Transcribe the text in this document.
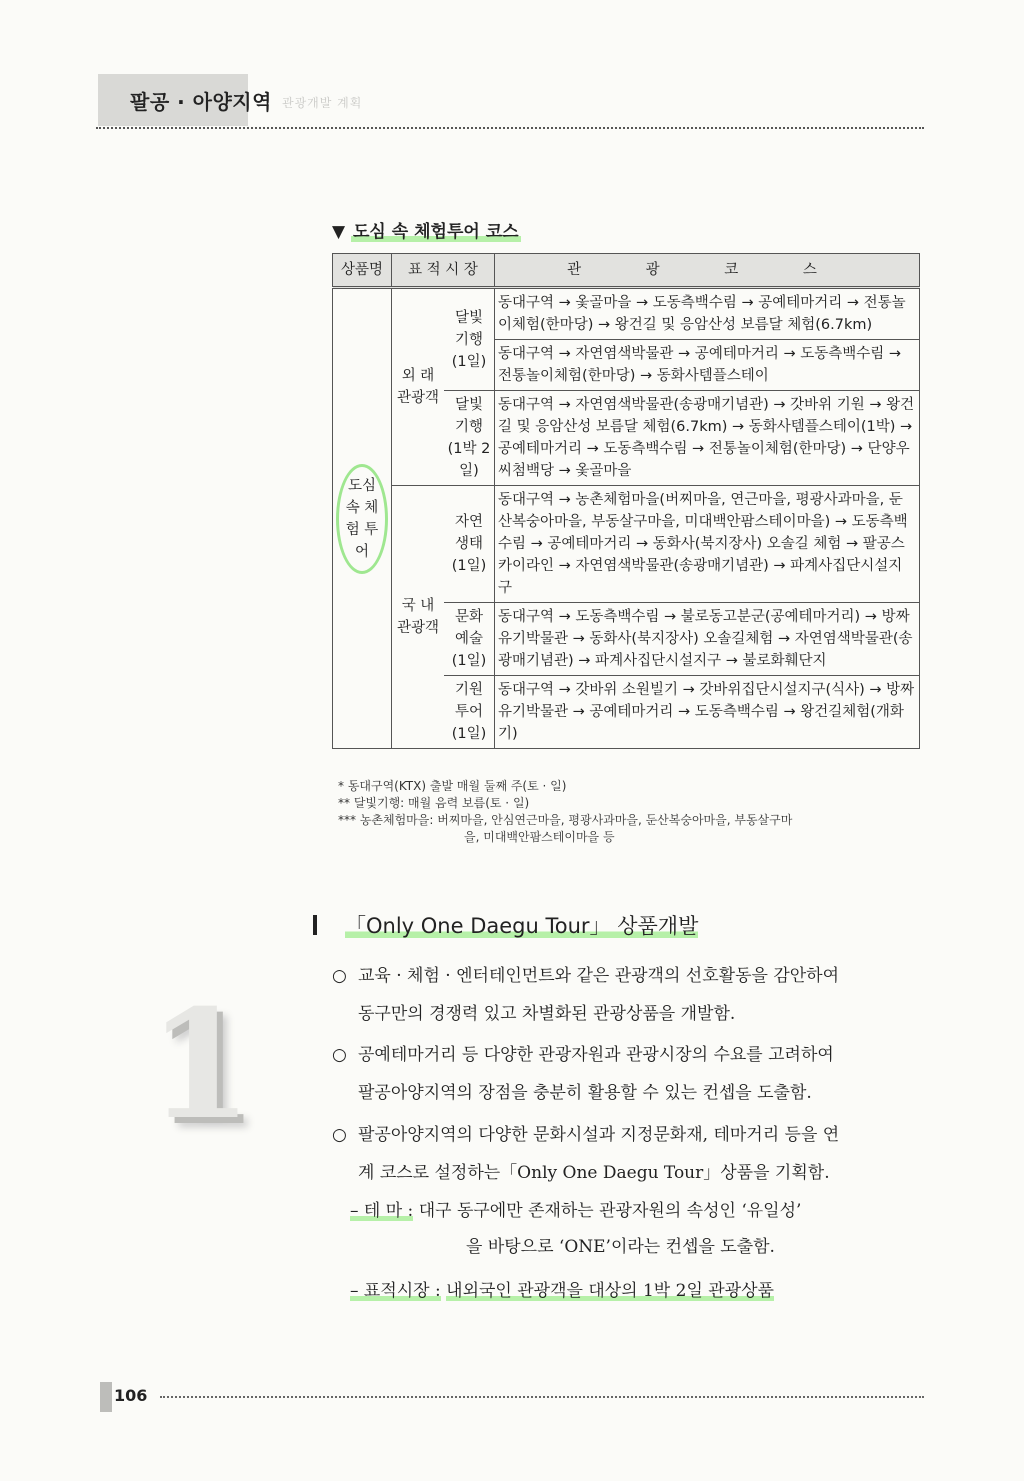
팔공 · 아양지역 관광개발 계획
▼ 도심 속 체험투어 코스
상품명	표 적 시 장		관 광 코 스
도심속 체험 투어	외 래 관광객	달빛 기행 (1일)	동대구역 → 옻골마을 → 도동측백수림 → 공예테마거리 → 전통놀이체험(한마당) → 왕건길 및 응암산성 보름달 체험(6.7km)
			동대구역 → 자연염색박물관 → 공예테마거리 → 도동측백수림 → 전통놀이체험(한마당) → 동화사템플스테이
		달빛 기행 (1박 2일)	동대구역 → 자연염색박물관(송광매기념관) → 갓바위 기원 → 왕건길 및 응암산성 보름달 체험(6.7km) → 동화사템플스테이(1박) → 공예테마거리 → 도동측백수림 → 전통놀이체험(한마당) → 단양우씨첨백당 → 옻골마을
	국 내 관광객	자연 생태 (1일)	동대구역 → 농촌체험마을(버찌마을, 연근마을, 평광사과마을, 둔산복숭아마을, 부동살구마을, 미대백안팜스테이마을) → 도동측백수림 → 공예테마거리 → 동화사(북지장사) 오솔길 체험 → 팔공스카이라인 → 자연염색박물관(송광매기념관) → 파계사집단시설지구
		문화 예술 (1일)	동대구역 → 도동측백수림 → 불로동고분군(공예테마거리) → 방짜유기박물관 → 동화사(북지장사) 오솔길체험 → 자연염색박물관(송광매기념관) → 파계사집단시설지구 → 불로화훼단지
		기원 투어 (1일)	동대구역 → 갓바위 소원빌기 → 갓바위집단시설지구(식사) → 방짜유기박물관 → 공예테마거리 → 도동측백수림 → 왕건길체험(개화기)
* 동대구역(KTX) 출발 매월 둘째 주(토 · 일)
** 달빛기행: 매월 음력 보름(토 · 일)
*** 농촌체험마을: 버찌마을, 안심연근마을, 평광사과마을, 둔산복숭아마을, 부동살구마
을, 미대백안팜스테이마을 등
1
「Only One Daegu Tour」 상품개발
○ 교육 · 체험 · 엔터테인먼트와 같은 관광객의 선호활동을 감안하여
동구만의 경쟁력 있고 차별화된 관광상품을 개발함.
○ 공예테마거리 등 다양한 관광자원과 관광시장의 수요를 고려하여
팔공아양지역의 장점을 충분히 활용할 수 있는 컨셉을 도출함.
○ 팔공아양지역의 다양한 문화시설과 지정문화재, 테마거리 등을 연
계 코스로 설정하는「Only One Daegu Tour」상품을 기획함.
– 테 마 : 대구 동구에만 존재하는 관광자원의 속성인 ‘유일성’
을 바탕으로 ‘ONE’이라는 컨셉을 도출함.
– 표적시장 : 내외국인 관광객을 대상의 1박 2일 관광상품
106
